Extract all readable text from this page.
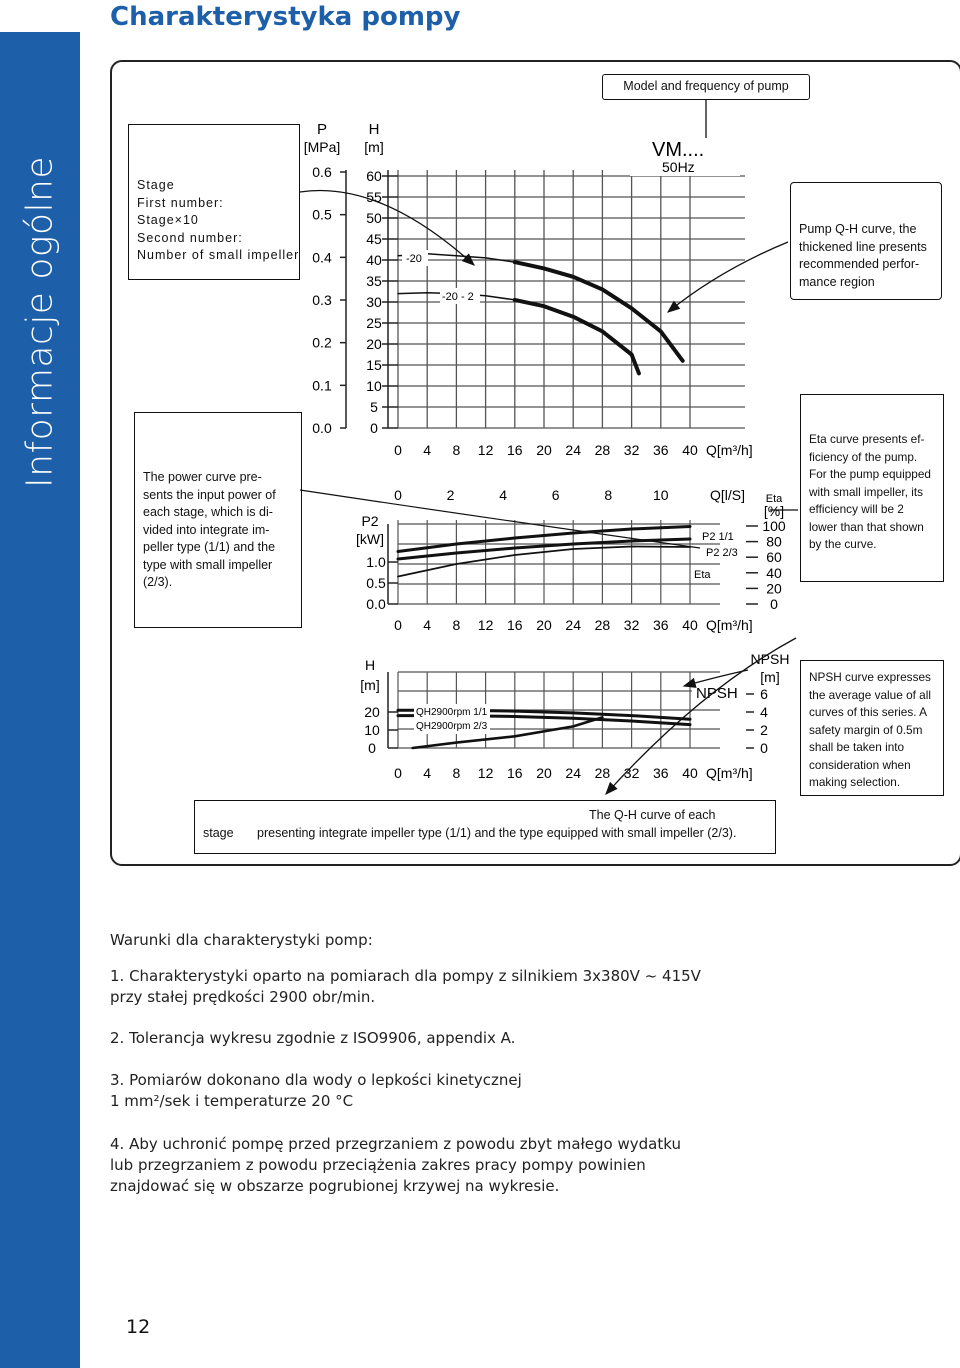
Informacje ogólne
Charakterystyka pompy
Stage
First number:
Stage×10
Second number:
Number of small impeller
The power curve pre-
sents the input power of
each stage, which is di-
vided into integrate im-
peller type (1/1) and the
type with small impeller
(2/3).
Model and frequency of pump
Pump Q-H curve, the
thickened line presents
recommended perfor-
mance region
Eta curve presents ef-
ficiency of the pump.
For the pump equipped
with small impeller, its
efficiency will be 2
lower than that shown
by the curve.
NPSH curve expresses
the average value of all
curves of this series. A
safety margin of 0.5m
shall be taken into
consideration when
making selection.
The Q-H curve of each
stage presenting integrate impeller type (1/1) and the type equipped with small impeller (2/3).
60
55
50
45
40
35
30
25
20
15
10
5
0
H
[m]
0.6
0.5
0.4
0.3
0.2
0.1
0.0
P
[MPa]
0 4 8 12 16 20 24 28 32 36 40 Q[m³/h]
-20
-20 - 2
VM....
50Hz
0	2	4	6	8	10	Q[l/S]
P2
[kW]
1.0
0.5
0.0
Eta
[%]
100
80
60
40
20
0
P2 1/1
P2 2/3
Eta
0 4 8 12 16 20 24 28 32 36 40 Q[m³/h]
H
[m]
20
10
0
NPSH
[m]
6
4
2
0
QH2900rpm 1/1
QH2900rpm 2/3
NPSH
0 4 8 12 16 20 24 28 32 36 40 Q[m³/h]
Warunki dla charakterystyki pomp:
1. Charakterystyki oparto na pomiarach dla pompy z silnikiem 3x380V ~ 415V
przy stałej prędkości 2900 obr/min.
2. Tolerancja wykresu zgodnie z ISO9906, appendix A.
3. Pomiarów dokonano dla wody o lepkości kinetycznej
1 mm²/sek i temperaturze 20 °C
4. Aby uchronić pompę przed przegrzaniem z powodu zbyt małego wydatku
lub przegrzaniem z powodu przeciążenia zakres pracy pompy powinien
znajdować się w obszarze pogrubionej krzywej na wykresie.
12
